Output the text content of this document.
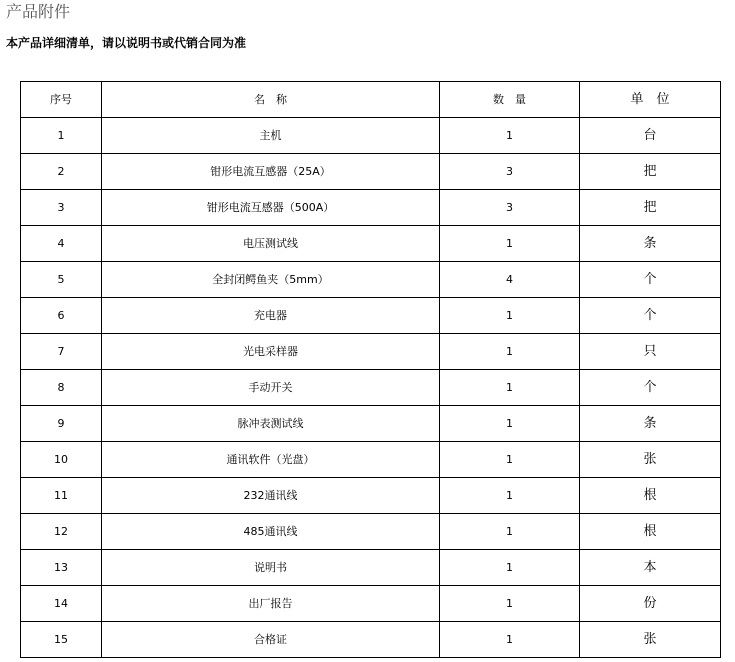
产品附件
本产品详细清单，请以说明书或代销合同为准
序号	名　称	数　量	单　位
1	主机	1	台
2	钳形电流互感器（25A）	3	把
3	钳形电流互感器（500A）	3	把
4	电压测试线	1	条
5	全封闭鳄鱼夹（5mm）	4	个
6	充电器	1	个
7	光电采样器	1	只
8	手动开关	1	个
9	脉冲表测试线	1	条
10	通讯软件（光盘）	1	张
11	232通讯线	1	根
12	485通讯线	1	根
13	说明书	1	本
14	出厂报告	1	份
15	合格证	1	张
